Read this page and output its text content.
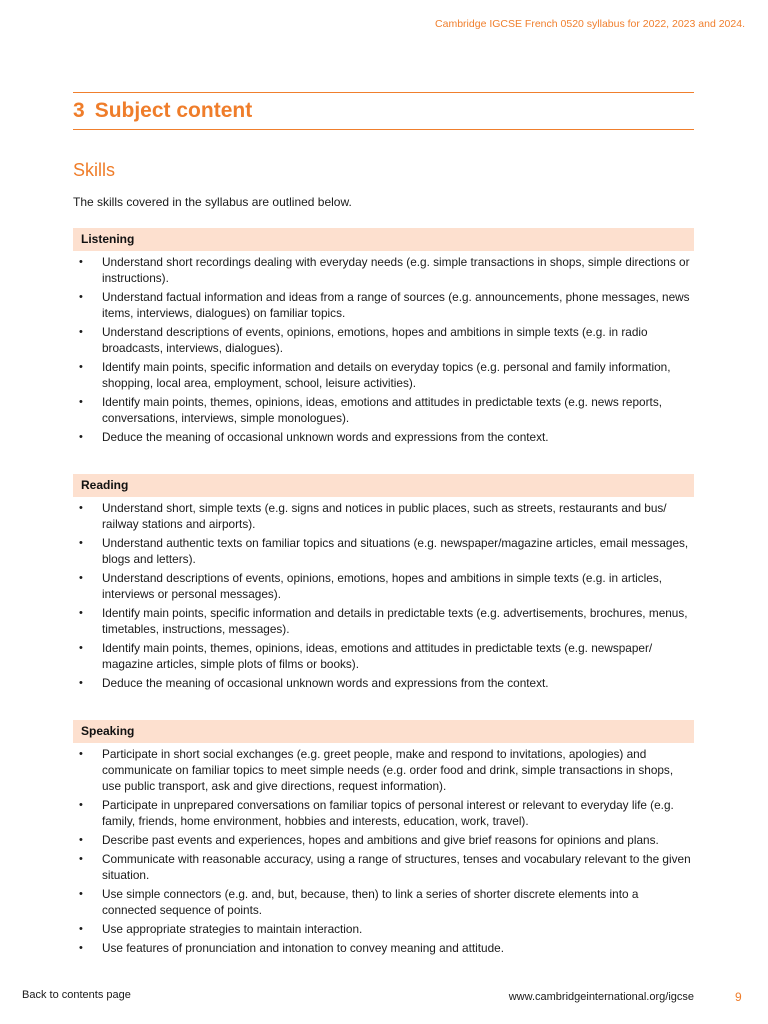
Cambridge IGCSE French 0520 syllabus for 2022, 2023 and 2024.
3 Subject content
Skills
The skills covered in the syllabus are outlined below.
Listening
• Understand short recordings dealing with everyday needs (e.g. simple transactions in shops, simple directions or instructions).
• Understand factual information and ideas from a range of sources (e.g. announcements, phone messages, news items, interviews, dialogues) on familiar topics.
• Understand descriptions of events, opinions, emotions, hopes and ambitions in simple texts (e.g. in radio broadcasts, interviews, dialogues).
• Identify main points, specific information and details on everyday topics (e.g. personal and family information, shopping, local area, employment, school, leisure activities).
• Identify main points, themes, opinions, ideas, emotions and attitudes in predictable texts (e.g. news reports, conversations, interviews, simple monologues).
• Deduce the meaning of occasional unknown words and expressions from the context.
Reading
• Understand short, simple texts (e.g. signs and notices in public places, such as streets, restaurants and bus/ railway stations and airports).
• Understand authentic texts on familiar topics and situations (e.g. newspaper/magazine articles, email messages, blogs and letters).
• Understand descriptions of events, opinions, emotions, hopes and ambitions in simple texts (e.g. in articles, interviews or personal messages).
• Identify main points, specific information and details in predictable texts (e.g. advertisements, brochures, menus, timetables, instructions, messages).
• Identify main points, themes, opinions, ideas, emotions and attitudes in predictable texts (e.g. newspaper/ magazine articles, simple plots of films or books).
• Deduce the meaning of occasional unknown words and expressions from the context.
Speaking
• Participate in short social exchanges (e.g. greet people, make and respond to invitations, apologies) and communicate on familiar topics to meet simple needs (e.g. order food and drink, simple transactions in shops, use public transport, ask and give directions, request information).
• Participate in unprepared conversations on familiar topics of personal interest or relevant to everyday life (e.g. family, friends, home environment, hobbies and interests, education, work, travel).
• Describe past events and experiences, hopes and ambitions and give brief reasons for opinions and plans.
• Communicate with reasonable accuracy, using a range of structures, tenses and vocabulary relevant to the given situation.
• Use simple connectors (e.g. and, but, because, then) to link a series of shorter discrete elements into a connected sequence of points.
• Use appropriate strategies to maintain interaction.
• Use features of pronunciation and intonation to convey meaning and attitude.
Back to contents page	www.cambridgeinternational.org/igcse	9
